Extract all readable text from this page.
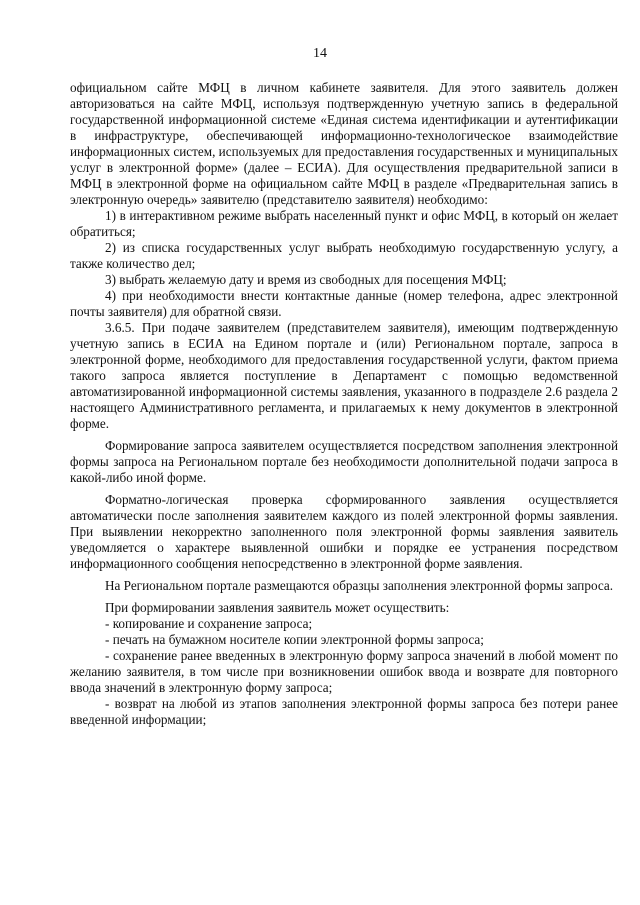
14

официальном сайте МФЦ в личном кабинете заявителя. Для этого заявитель должен авторизоваться на сайте МФЦ, используя подтвержденную учетную запись в федеральной государственной информационной системе «Единая система идентификации и аутентификации в инфраструктуре, обеспечивающей информационно-технологическое взаимодействие информационных систем, используемых для предоставления государственных и муниципальных услуг в электронной форме» (далее – ЕСИА). Для осуществления предварительной записи в МФЦ в электронной форме на официальном сайте МФЦ в разделе «Предварительная запись в электронную очередь» заявителю (представителю заявителя) необходимо:

1) в интерактивном режиме выбрать населенный пункт и офис МФЦ, в который он желает обратиться;

2) из списка государственных услуг выбрать необходимую государственную услугу, а также количество дел;

3) выбрать желаемую дату и время из свободных для посещения МФЦ;

4) при необходимости внести контактные данные (номер телефона, адрес электронной почты заявителя) для обратной связи.

3.6.5. При подаче заявителем (представителем заявителя), имеющим подтвержденную учетную запись в ЕСИА на Едином портале и (или) Региональном портале, запроса в электронной форме, необходимого для предоставления государственной услуги, фактом приема такого запроса является поступление в Департамент с помощью ведомственной автоматизированной информационной системы заявления, указанного в подразделе 2.6 раздела 2 настоящего Административного регламента, и прилагаемых к нему документов в электронной форме.

Формирование запроса заявителем осуществляется посредством заполнения электронной формы запроса на Региональном портале без необходимости дополнительной подачи запроса в какой-либо иной форме.

Форматно-логическая проверка сформированного заявления осуществляется автоматически после заполнения заявителем каждого из полей электронной формы заявления. При выявлении некорректно заполненного поля электронной формы заявления заявитель уведомляется о характере выявленной ошибки и порядке ее устранения посредством информационного сообщения непосредственно в электронной форме заявления.

На Региональном портале размещаются образцы заполнения электронной формы запроса.

При формировании заявления заявитель может осуществить:

- копирование и сохранение запроса;

- печать на бумажном носителе копии электронной формы запроса;

- сохранение ранее введенных в электронную форму запроса значений в любой момент по желанию заявителя, в том числе при возникновении ошибок ввода и возврате для повторного ввода значений в электронную форму запроса;

- возврат на любой из этапов заполнения электронной формы запроса без потери ранее введенной информации;
